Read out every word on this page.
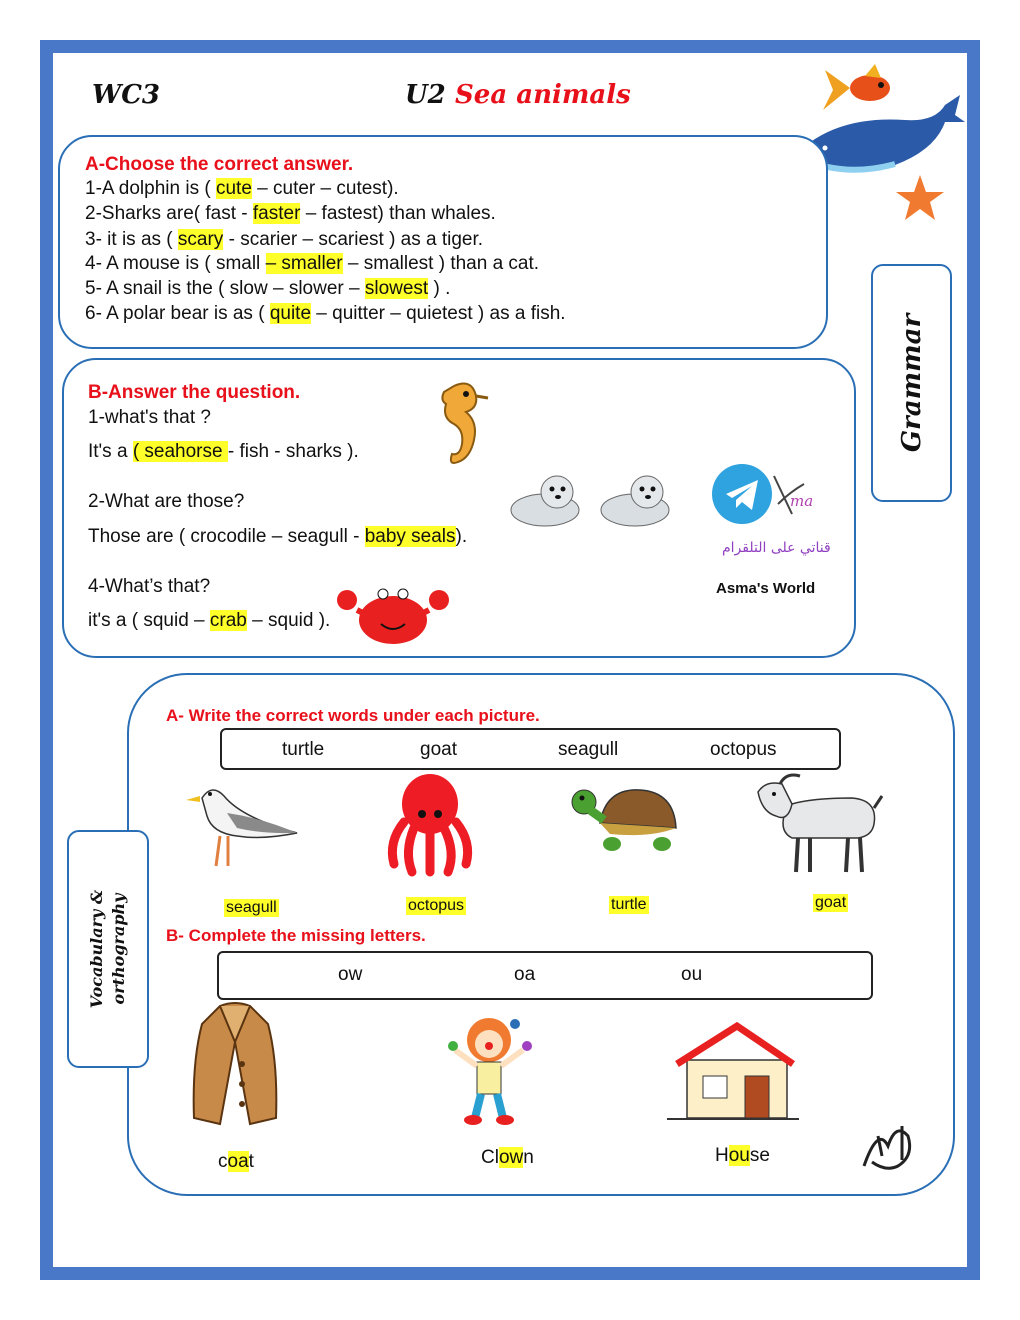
WC3	U2 Sea animals
A-Choose the correct answer.
1-A dolphin is ( cute – cuter – cutest).
2-Sharks are( fast - faster – fastest) than whales.
3- it is as ( scary - scarier – scariest ) as a tiger.
4- A mouse is ( small – smaller – smallest ) than a cat.
5- A snail is the ( slow – slower – slowest ) .
6- A polar bear is as ( quite – quitter – quietest ) as a fish.
B-Answer the question.
1-what's that ?
It's a ( seahorse - fish - sharks ).
2-What are those?
Those are ( crocodile – seagull - baby seals).
4-What’s that?
it's a ( squid – crab – squid ).
ma
قناتي على التلقرام
Asma's World
Grammar
Vocabulary & orthography
A- Write the correct words under each picture.
turtle	goat	seagull	octopus
seagull	octopus	turtle	goat
B- Complete the missing letters.
ow	oa	ou
coat	Clown	House
